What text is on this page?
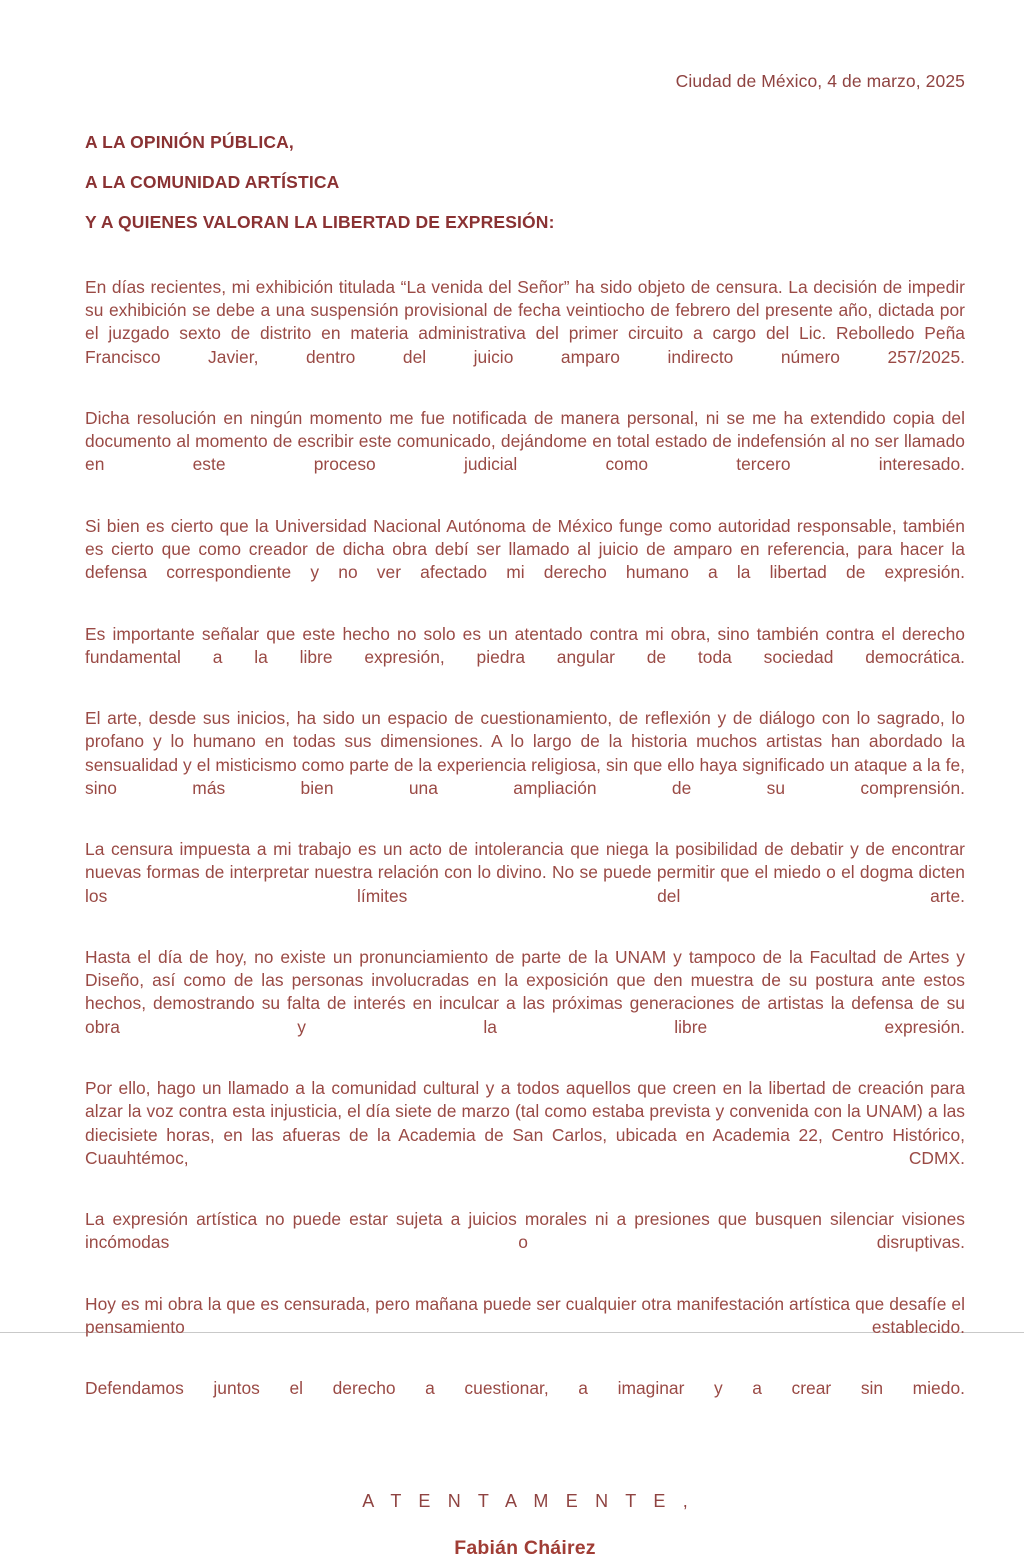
Ciudad de México, 4 de marzo, 2025
A LA OPINIÓN PÚBLICA,
A LA COMUNIDAD ARTÍSTICA
Y A QUIENES VALORAN LA LIBERTAD DE EXPRESIÓN:

En días recientes, mi exhibición titulada “La venida del Señor” ha sido objeto de censura. La decisión de impedir su exhibición se debe a una suspensión provisional de fecha veintiocho de febrero del presente año, dictada por el juzgado sexto de distrito en materia administrativa del primer circuito a cargo del Lic. Rebolledo Peña Francisco Javier, dentro del juicio amparo indirecto número 257/2025.

Dicha resolución en ningún momento me fue notificada de manera personal, ni se me ha extendido copia del documento al momento de escribir este comunicado, dejándome en total estado de indefensión al no ser llamado en este proceso judicial como tercero interesado.

Si bien es cierto que la Universidad Nacional Autónoma de México funge como autoridad responsable, también es cierto que como creador de dicha obra debí ser llamado al juicio de amparo en referencia, para hacer la defensa correspondiente y no ver afectado mi derecho humano a la libertad de expresión.

Es importante señalar que este hecho no solo es un atentado contra mi obra, sino también contra el derecho fundamental a la libre expresión, piedra angular de toda sociedad democrática.

El arte, desde sus inicios, ha sido un espacio de cuestionamiento, de reflexión y de diálogo con lo sagrado, lo profano y lo humano en todas sus dimensiones. A lo largo de la historia muchos artistas han abordado la sensualidad y el misticismo como parte de la experiencia religiosa, sin que ello haya significado un ataque a la fe, sino más bien una ampliación de su comprensión.

La censura impuesta a mi trabajo es un acto de intolerancia que niega la posibilidad de debatir y de encontrar nuevas formas de interpretar nuestra relación con lo divino. No se puede permitir que el miedo o el dogma dicten los límites del arte.

Hasta el día de hoy, no existe un pronunciamiento de parte de la UNAM y tampoco de la Facultad de Artes y Diseño, así como de las personas involucradas en la exposición que den muestra de su postura ante estos hechos, demostrando su falta de interés en inculcar a las próximas generaciones de artistas la defensa de su obra y la libre expresión.

Por ello, hago un llamado a la comunidad cultural y a todos aquellos que creen en la libertad de creación para alzar la voz contra esta injusticia, el día siete de marzo (tal como estaba prevista y convenida con la UNAM) a las diecisiete horas, en las afueras de la Academia de San Carlos, ubicada en Academia 22, Centro Histórico, Cuauhtémoc, CDMX.

La expresión artística no puede estar sujeta a juicios morales ni a presiones que busquen silenciar visiones incómodas o disruptivas.

Hoy es mi obra la que es censurada, pero mañana puede ser cualquier otra manifestación artística que desafíe el pensamiento establecido.

Defendamos juntos el derecho a cuestionar, a imaginar y a crear sin miedo.

A T E N T A M E N T E ,
Fabián Cháirez
